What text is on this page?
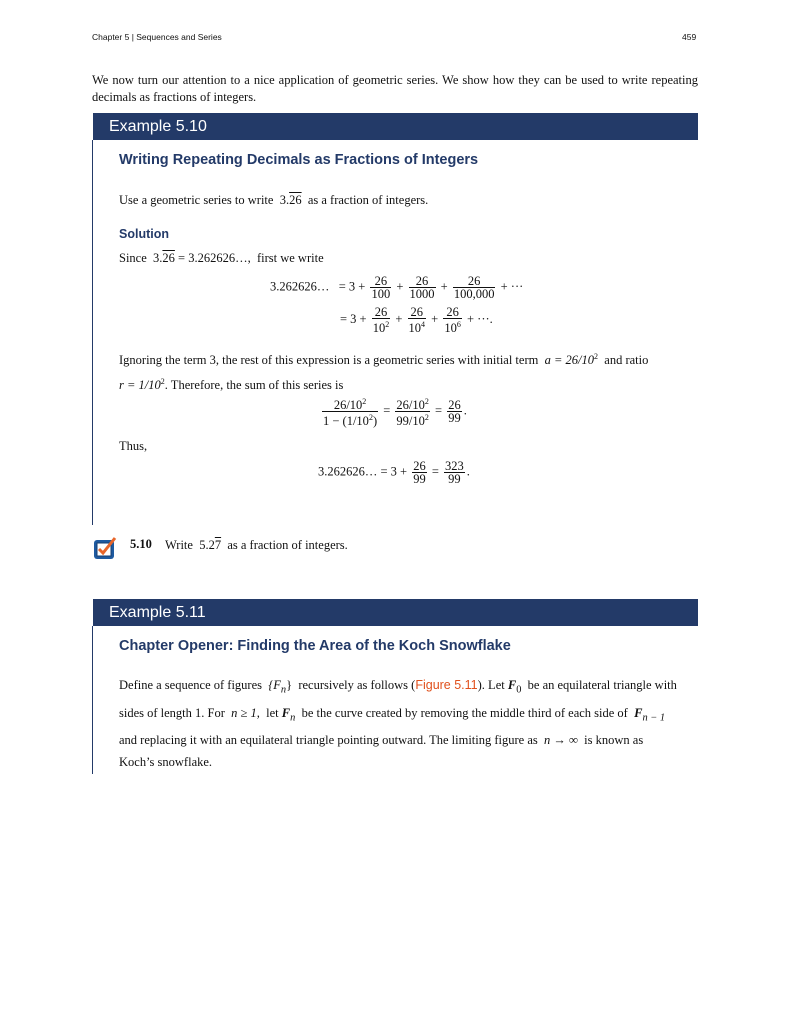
Chapter 5 | Sequences and Series	459
We now turn our attention to a nice application of geometric series. We show how they can be used to write repeating decimals as fractions of integers.
Example 5.10
Writing Repeating Decimals as Fractions of Integers
Use a geometric series to write 3.26 as a fraction of integers.
Solution
Since  3.26 = 3.262626…, first we write
3.262626… = $3 + \frac{26}{100} + \frac{26}{1000} + \frac{26}{100,000}$ + ···
= $3 + \frac{26}{10^2} + \frac{26}{10^4} + \frac{26}{10^6}$ + ···.
Ignoring the term 3, the rest of this expression is a geometric series with initial term $a = 26/10^2$ and ratio
$r = 1/10^2$. Therefore, the sum of this series is
$\frac{26/10^2}{1 - (1/10^2)} = \frac{26/10^2}{99/10^2} = \frac{26}{99}$ .
Thus,
3.262626… = $3 + \frac{26}{99} = \frac{323}{99}$ .
5.10 Write 5.27 as a fraction of integers.
Example 5.11
Chapter Opener: Finding the Area of the Koch Snowflake
Define a sequence of figures $\{F_n\}$ recursively as follows (Figure 5.11). Let $F_0$ be an equilateral triangle with
sides of length 1. For n ≥ 1, let $F_n$ be the curve created by removing the middle third of each side of $F_{n - 1}$
and replacing it with an equilateral triangle pointing outward. The limiting figure as n → ∞ is known as Koch’s snowflake.
